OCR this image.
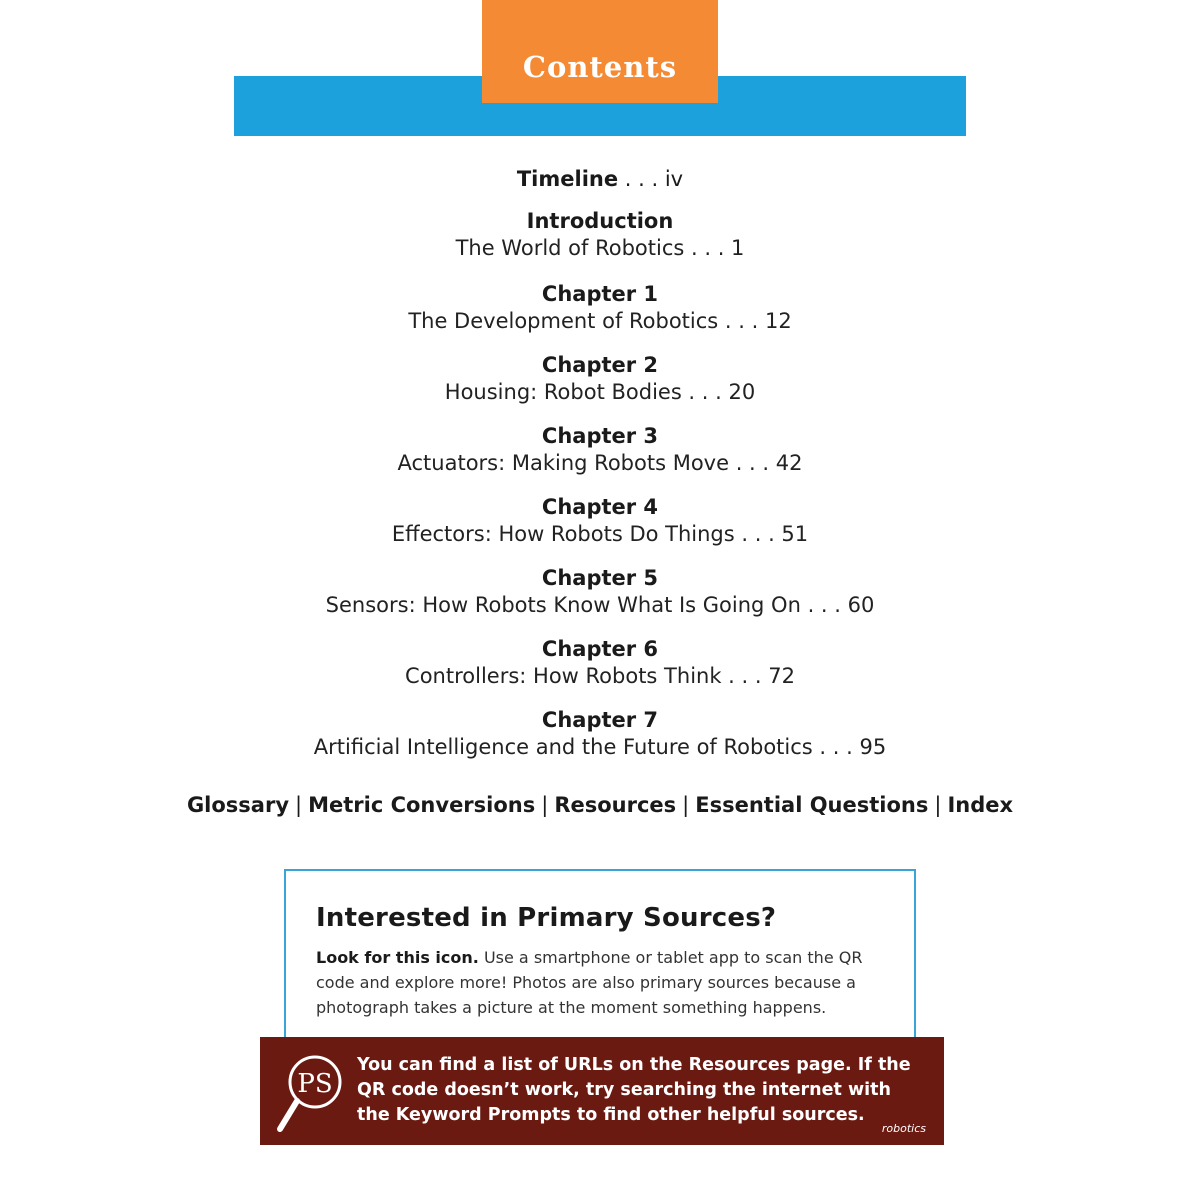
Contents
Timeline . . . iv
Introduction
The World of Robotics . . . 1
Chapter 1
The Development of Robotics . . . 12
Chapter 2
Housing: Robot Bodies . . . 20
Chapter 3
Actuators: Making Robots Move . . . 42
Chapter 4
Effectors: How Robots Do Things . . . 51
Chapter 5
Sensors: How Robots Know What Is Going On . . . 60
Chapter 6
Controllers: How Robots Think . . . 72
Chapter 7
Artificial Intelligence and the Future of Robotics . . . 95
Glossary | Metric Conversions | Resources | Essential Questions | Index
Interested in Primary Sources?
Look for this icon. Use a smartphone or tablet app to scan the QR code and explore more! Photos are also primary sources because a photograph takes a picture at the moment something happens.
PS
You can find a list of URLs on the Resources page. If the QR code doesn’t work, try searching the internet with the Keyword Prompts to find other helpful sources.
robotics
